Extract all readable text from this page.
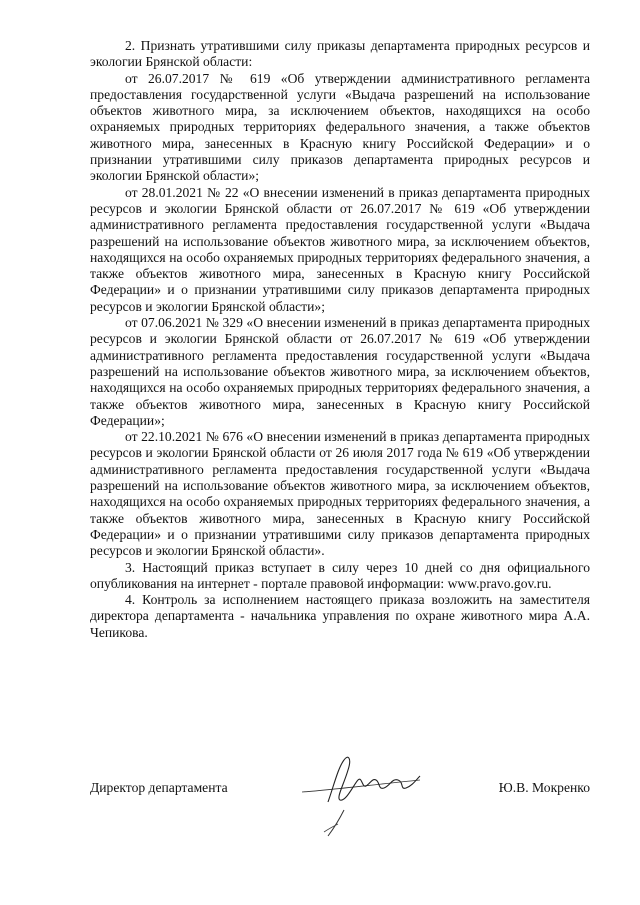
2. Признать утратившими силу приказы департамента природных ресурсов и экологии Брянской области:

от 26.07.2017 № 619 «Об утверждении административного регламента предоставления государственной услуги «Выдача разрешений на использование объектов животного мира, за исключением объектов, находящихся на особо охраняемых природных территориях федерального значения, а также объектов животного мира, занесенных в Красную книгу Российской Федерации» и о признании утратившими силу приказов департамента природных ресурсов и экологии Брянской области»;

от 28.01.2021 № 22 «О внесении изменений в приказ департамента природных ресурсов и экологии Брянской области от 26.07.2017 № 619 «Об утверждении административного регламента предоставления государственной услуги «Выдача разрешений на использование объектов животного мира, за исключением объектов, находящихся на особо охраняемых природных территориях федерального значения, а также объектов животного мира, занесенных в Красную книгу Российской Федерации» и о признании утратившими силу приказов департамента природных ресурсов и экологии Брянской области»;

от 07.06.2021 № 329 «О внесении изменений в приказ департамента природных ресурсов и экологии Брянской области от 26.07.2017 № 619 «Об утверждении административного регламента предоставления государственной услуги «Выдача разрешений на использование объектов животного мира, за исключением объектов, находящихся на особо охраняемых природных территориях федерального значения, а также объектов животного мира, занесенных в Красную книгу Российской Федерации»;

от 22.10.2021 № 676 «О внесении изменений в приказ департамента природных ресурсов и экологии Брянской области от 26 июля 2017 года № 619 «Об утверждении административного регламента предоставления государственной услуги «Выдача разрешений на использование объектов животного мира, за исключением объектов, находящихся на особо охраняемых природных территориях федерального значения, а также объектов животного мира, занесенных в Красную книгу Российской Федерации» и о признании утратившими силу приказов департамента природных ресурсов и экологии Брянской области».

3. Настоящий приказ вступает в силу через 10 дней со дня официального опубликования на интернет - портале правовой информации: www.pravo.gov.ru.

4. Контроль за исполнением настоящего приказа возложить на заместителя директора департамента - начальника управления по охране животного мира А.А. Чепикова.

Директор департамента	Ю.В. Мокренко
